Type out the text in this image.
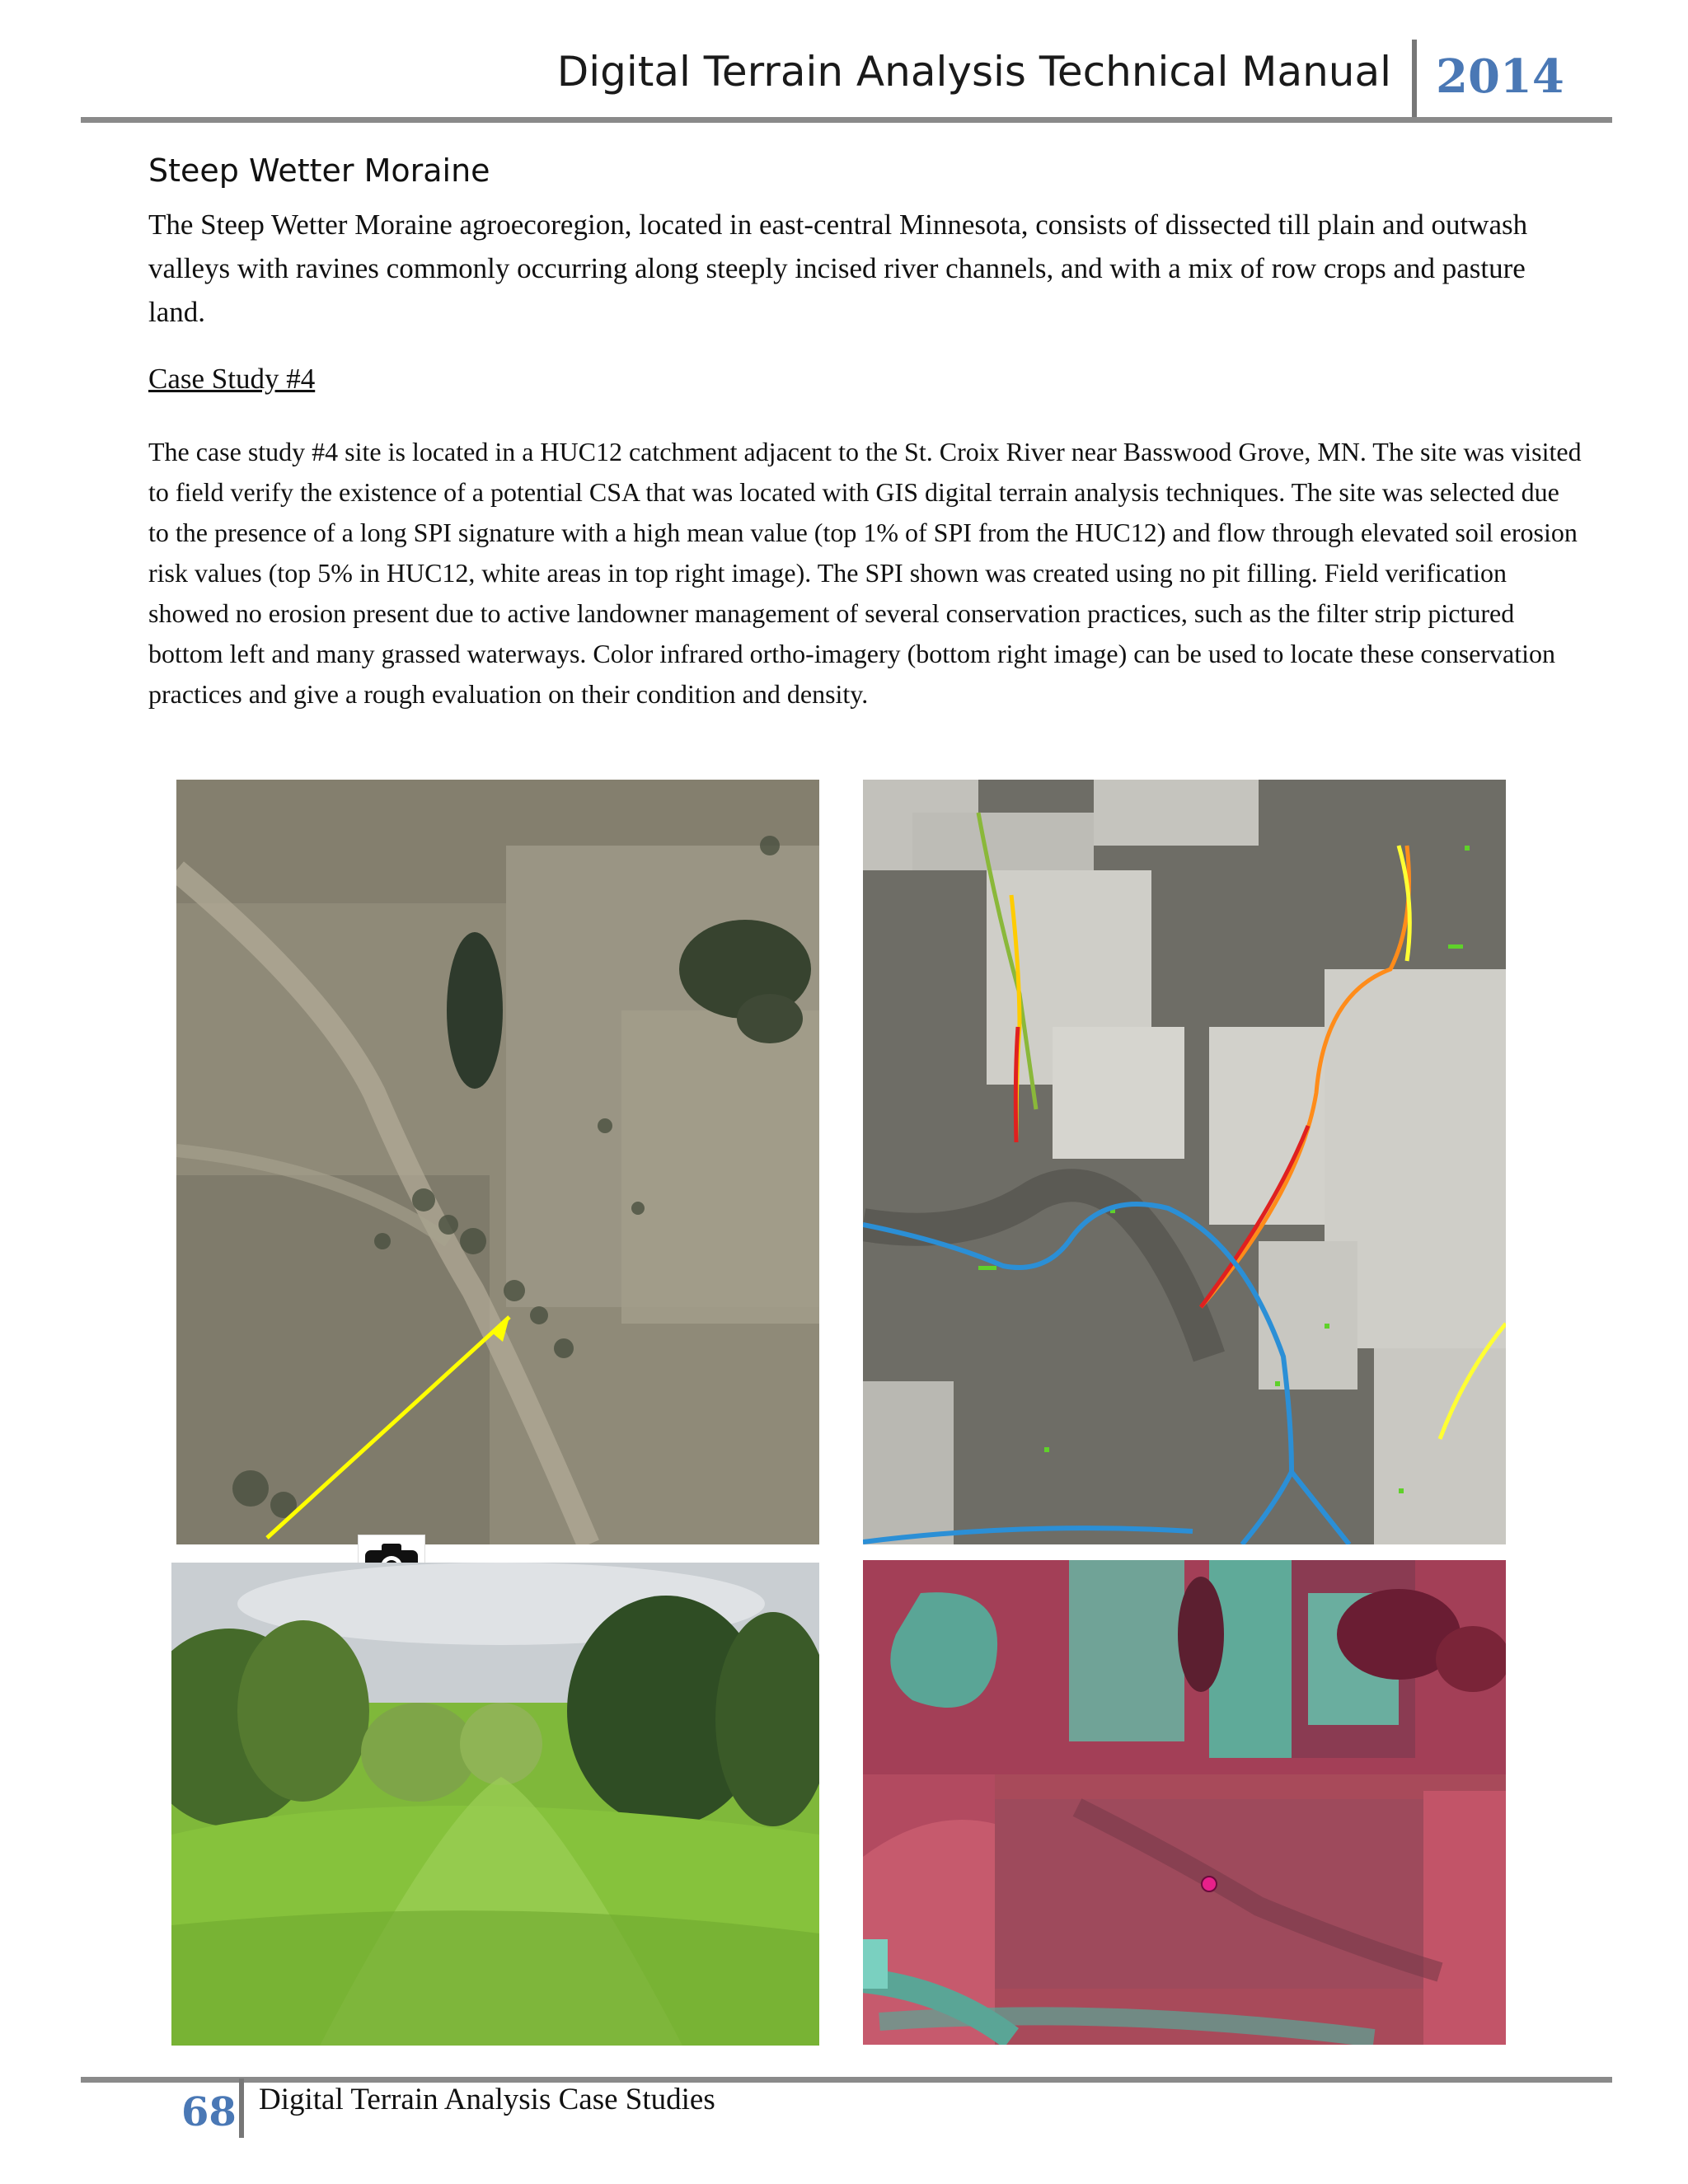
Digital Terrain Analysis Technical Manual 2014
Steep Wetter Moraine
The Steep Wetter Moraine agroecoregion, located in east-central Minnesota, consists of dissected till plain and outwash valleys with ravines commonly occurring along steeply incised river channels, and with a mix of row crops and pasture land.
Case Study #4
The case study #4 site is located in a HUC12 catchment adjacent to the St. Croix River near Basswood Grove, MN. The site was visited to field verify the existence of a potential CSA that was located with GIS digital terrain analysis techniques. The site was selected due to the presence of a long SPI signature with a high mean value (top 1% of SPI from the HUC12) and flow through elevated soil erosion risk values (top 5% in HUC12, white areas in top right image). The SPI shown was created using no pit filling. Field verification showed no erosion present due to active landowner management of several conservation practices, such as the filter strip pictured bottom left and many grassed waterways. Color infrared ortho-imagery (bottom right image) can be used to locate these conservation practices and give a rough evaluation on their condition and density.
68 Digital Terrain Analysis Case Studies
